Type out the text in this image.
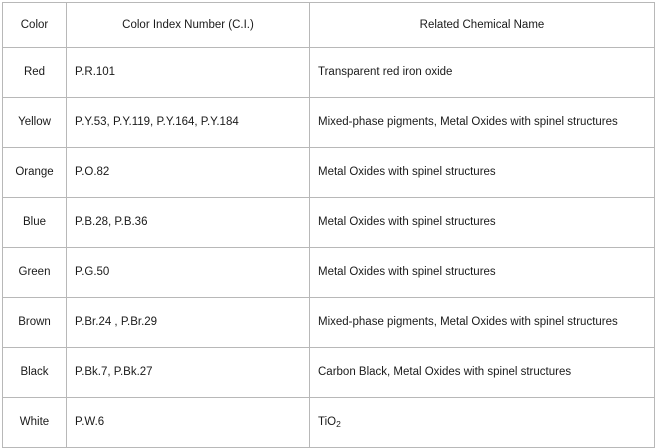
Color	Color Index Number (C.I.)	Related Chemical Name
Red	P.R.101	Transparent red iron oxide
Yellow	P.Y.53, P.Y.119, P.Y.164, P.Y.184	Mixed-phase pigments, Metal Oxides with spinel structures
Orange	P.O.82	Metal Oxides with spinel structures
Blue	P.B.28, P.B.36	Metal Oxides with spinel structures
Green	P.G.50	Metal Oxides with spinel structures
Brown	P.Br.24 , P.Br.29	Mixed-phase pigments, Metal Oxides with spinel structures
Black	P.Bk.7, P.Bk.27	Carbon Black, Metal Oxides with spinel structures
White	P.W.6	TiO$_2$
